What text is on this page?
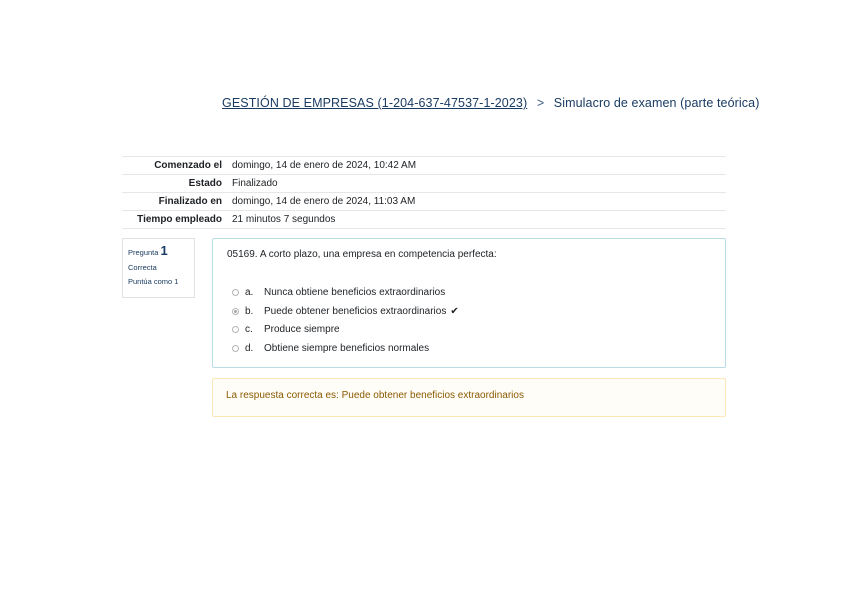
GESTIÓN DE EMPRESAS (1-204-637-47537-1-2023) > Simulacro de examen (parte teórica)
Comenzado el	domingo, 14 de enero de 2024, 10:42 AM
Estado	Finalizado
Finalizado en	domingo, 14 de enero de 2024, 11:03 AM
Tiempo empleado	21 minutos 7 segundos
Pregunta 1
Correcta
Puntúa como 1
05169. A corto plazo, una empresa en competencia perfecta:
a.	Nunca obtiene beneficios extraordinarios
b.	Puede obtener beneficios extraordinarios ✔
c.	Produce siempre
d.	Obtiene siempre beneficios normales
La respuesta correcta es: Puede obtener beneficios extraordinarios
